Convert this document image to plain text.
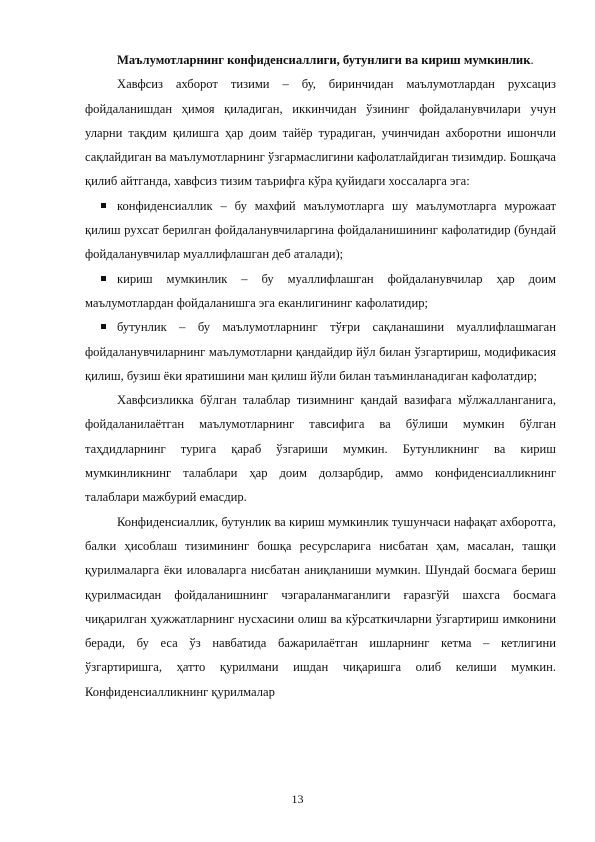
Маълумотларнинг конфиденсиаллиги, бутунлиги ва кириш мумкинлик.

Хавфсиз ахборот тизими – бу, биринчидан маълумотлардан рухсациз фойдаланишдан ҳимоя қиладиган, иккинчидан ўзининг фойдаланувчилари учун уларни тақдим қилишга ҳар доим тайёр турадиган, учинчидан ахборотни ишончли сақлайдиган ва маълумотларнинг ўзгармаслигини кафолатлайдиган тизимдир. Бошқача қилиб айтганда, хавфсиз тизим таърифга кўра қуйидаги хоссаларга эга:

конфиденсиаллик – бу махфий маълумотларга шу маълумотларга мурожаат қилиш рухсат берилган фойдаланувчиларгина фойдаланишининг кафолатидир (бундай фойдаланувчилар муаллифлашган деб аталади);
кириш мумкинлик – бу муаллифлашган фойдаланувчилар ҳар доим маълумотлардан фойдаланишга эга еканлигининг кафолатидир;
бутунлик – бу маълумотларнинг тўғри сақланашини муаллифлашмаган фойдаланувчиларнинг маълумотларни қандайдир йўл билан ўзгартириш, модификасия қилиш, бузиш ёки яратишини ман қилиш йўли билан таъминланадиган кафолатдир;

Хавфсизликка бўлган талаблар тизимнинг қандай вазифага мўлжалланганига, фойдаланилаётган маълумотларнинг тавсифига ва бўлиши мумкин бўлган таҳдидларнинг турига қараб ўзгариши мумкин. Бутунликнинг ва кириш мумкинликнинг талаблари ҳар доим долзарбдир, аммо конфиденсиалликнинг талаблари мажбурий емасдир.

Конфиденсиаллик, бутунлик ва кириш мумкинлик тушунчаси нафақат ахборотга, балки ҳисоблаш тизимининг бошқа ресурсларига нисбатан ҳам, масалан, ташқи қурилмаларга ёки иловаларга нисбатан аниқланиши мумкин. Шундай босмага бериш қурилмасидан фойдаланишнинг чэгараланмаганлиги ғаразгўй шахсга босмага чиқарилган ҳужжатларнинг нусхасини олиш ва кўрсаткичларни ўзгартириш имконини беради, бу еса ўз навбатида бажарилаётган ишларнинг кетма – кетлигини ўзгартиришга, ҳатто қурилмани ишдан чиқаришга олиб келиши мумкин. Конфиденсиалликнинг қурилмалар

13
